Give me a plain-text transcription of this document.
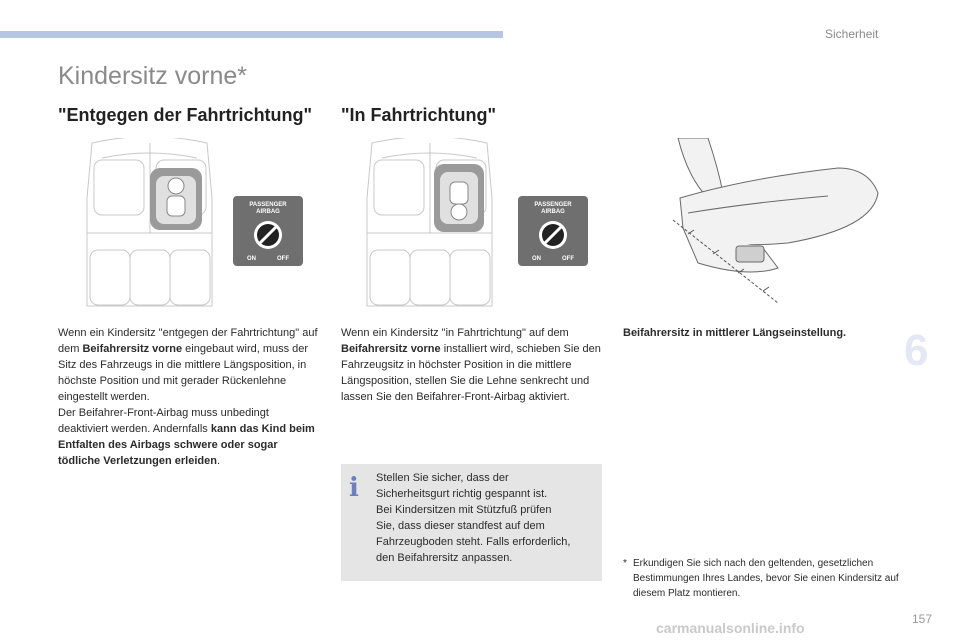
Sicherheit
Kindersitz vorne*
"Entgegen der Fahrtrichtung" "In Fahrtrichtung"
PASSENGER
AIRBAG
ON	OFF
PASSENGER
AIRBAG
ON	OFF

Wenn ein Kindersitz "entgegen der Fahrtrichtung" auf dem Beifahrersitz vorne eingebaut wird, muss der Sitz des Fahrzeugs in die mittlere Längsposition, in höchste Position und mit gerader Rückenlehne eingestellt werden.

Der Beifahrer-Front-Airbag muss unbedingt deaktiviert werden. Andernfalls kann das Kind beim Entfalten des Airbags schwere oder sogar tödliche Verletzungen erleiden.

Wenn ein Kindersitz "in Fahrtrichtung" auf dem Beifahrersitz vorne installiert wird, schieben Sie den Fahrzeugsitz in höchster Position in die mittlere Längsposition, stellen Sie die Lehne senkrecht und lassen Sie den Beifahrer-Front-Airbag aktiviert.

Beifahrersitz in mittlerer Längseinstellung.
i	Stellen Sie sicher, dass der
Sicherheitsgurt richtig gespannt ist.
Bei Kindersitzen mit Stützfuß prüfen
Sie, dass dieser standfest auf dem
Fahrzeugboden steht. Falls erforderlich,
den Beifahrersitz anpassen.	* Erkundigen Sie sich nach den geltenden, gesetzlichen Bestimmungen Ihres Landes, bevor Sie einen Kindersitz auf diesem Platz montieren.
6
157
carmanualsonline.info
